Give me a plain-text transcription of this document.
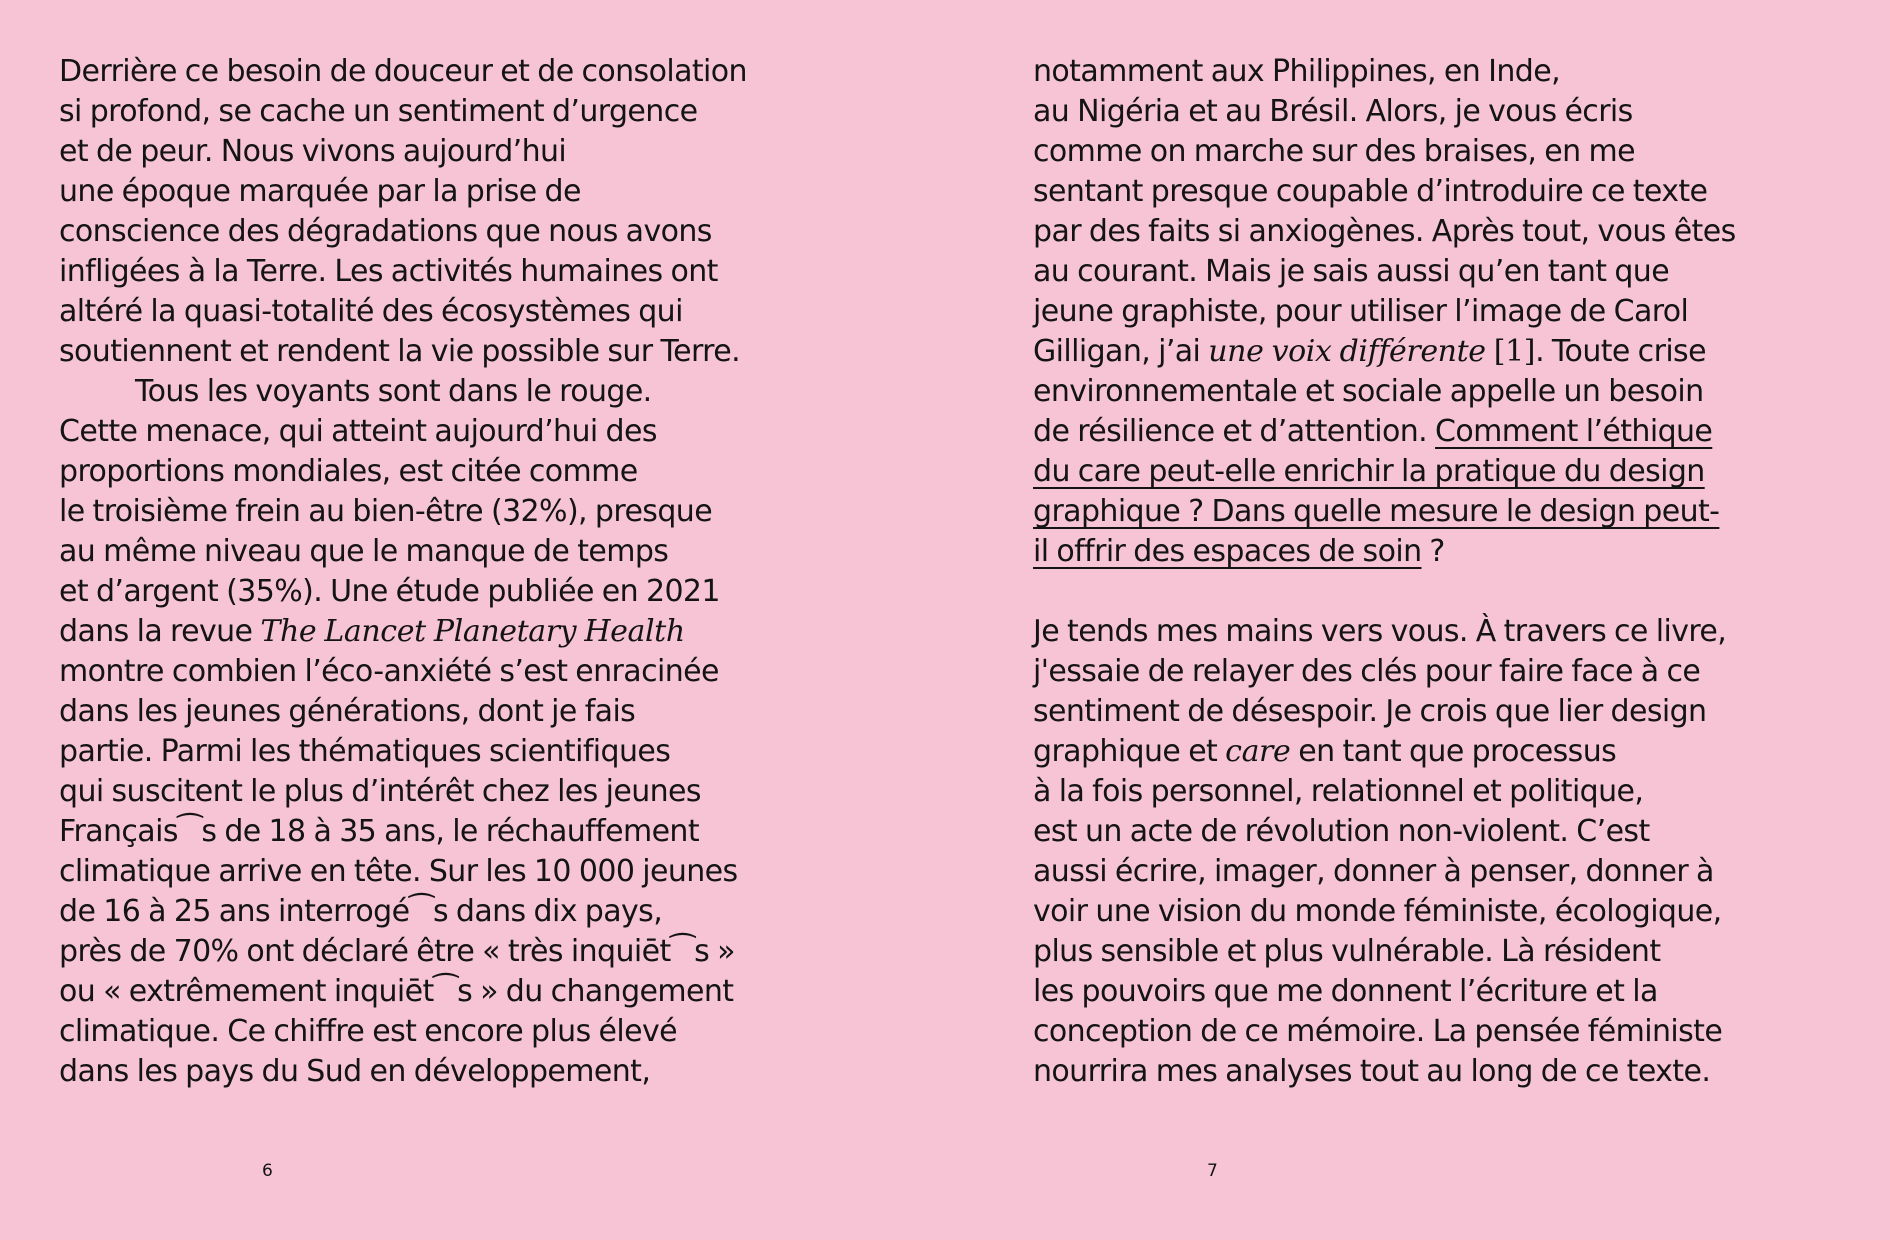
Derrière ce besoin de douceur et de consolation
si profond, se cache un sentiment d’urgence
et de peur. Nous vivons aujourd’hui
une époque marquée par la prise de
conscience des dégradations que nous avons
infligées à la Terre. Les activités humaines ont
altéré la quasi-totalité des écosystèmes qui
soutiennent et rendent la vie possible sur Terre.
Tous les voyants sont dans le rouge.
Cette menace, qui atteint aujourd’hui des
proportions mondiales, est citée comme
le troisième frein au bien-être (32%), presque
au même niveau que le manque de temps
et d’argent (35%). Une étude publiée en 2021
dans la revue The Lancet Planetary Health
montre combien l’éco-anxiété s’est enracinée
dans les jeunes générations, dont je fais
partie. Parmi les thématiques scientifiques
qui suscitent le plus d’intérêt chez les jeunes
Français⁀s de 18 à 35 ans, le réchauffement
climatique arrive en tête. Sur les 10 000 jeunes
de 16 à 25 ans interrogé⁀s dans dix pays,
près de 70% ont déclaré être « très inquiēt⁀s »
ou « extrêmement inquiēt⁀s » du changement
climatique. Ce chiffre est encore plus élevé
dans les pays du Sud en développement,
6
notamment aux Philippines, en Inde,
au Nigéria et au Brésil. Alors, je vous écris
comme on marche sur des braises, en me
sentant presque coupable d’introduire ce texte
par des faits si anxiogènes. Après tout, vous êtes
au courant. Mais je sais aussi qu’en tant que
jeune graphiste, pour utiliser l’image de Carol
Gilligan, j’ai une voix différente [1]. Toute crise
environnementale et sociale appelle un besoin
de résilience et d’attention. Comment l’éthique
du care peut-elle enrichir la pratique du design
graphique ? Dans quelle mesure le design peut-
il offrir des espaces de soin ?
Je tends mes mains vers vous. À travers ce livre,
j'essaie de relayer des clés pour faire face à ce
sentiment de désespoir. Je crois que lier design
graphique et care en tant que processus
à la fois personnel, relationnel et politique,
est un acte de révolution non-violent. C’est
aussi écrire, imager, donner à penser, donner à
voir une vision du monde féministe, écologique,
plus sensible et plus vulnérable. Là résident
les pouvoirs que me donnent l’écriture et la
conception de ce mémoire. La pensée féministe
nourrira mes analyses tout au long de ce texte.
7
